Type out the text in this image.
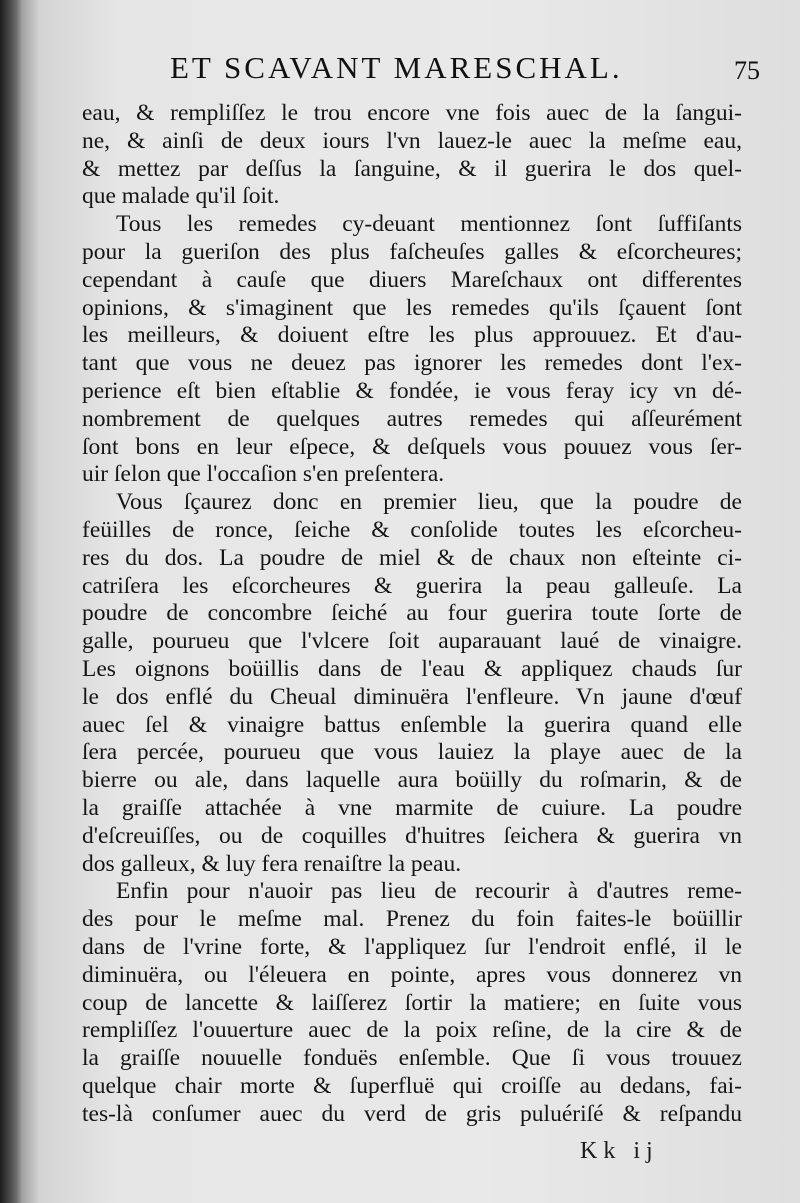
ET SCAVANT MARESCHAL.	75
eau, & rempliſſez le trou encore vne fois auec de la ſangui-
ne, & ainſi de deux iours l'vn lauez-le auec la meſme eau,
& mettez par deſſus la ſanguine, & il guerira le dos quel-
que malade qu'il ſoit.
Tous les remedes cy-deuant mentionnez ſont ſuffiſants
pour la gueriſon des plus faſcheuſes galles & eſcorcheures;
cependant à cauſe que diuers Mareſchaux ont differentes
opinions, & s'imaginent que les remedes qu'ils ſçauent ſont
les meilleurs, & doiuent eſtre les plus approuuez. Et d'au-
tant que vous ne deuez pas ignorer les remedes dont l'ex-
perience eſt bien eſtablie & fondée, ie vous feray icy vn dé-
nombrement de quelques autres remedes qui aſſeurément
ſont bons en leur eſpece, & deſquels vous pouuez vous ſer-
uir ſelon que l'occaſion s'en preſentera.
Vous ſçaurez donc en premier lieu, que la poudre de
feüilles de ronce, ſeiche & conſolide toutes les eſcorcheu-
res du dos. La poudre de miel & de chaux non eſteinte ci-
catriſera les eſcorcheures & guerira la peau galleuſe. La
poudre de concombre ſeiché au four guerira toute ſorte de
galle, pourueu que l'vlcere ſoit auparauant laué de vinaigre.
Les oignons boüillis dans de l'eau & appliquez chauds ſur
le dos enflé du Cheual diminuëra l'enfleure. Vn jaune d'œuf
auec ſel & vinaigre battus enſemble la guerira quand elle
ſera percée, pourueu que vous lauiez la playe auec de la
bierre ou ale, dans laquelle aura boüilly du roſmarin, & de
la graiſſe attachée à vne marmite de cuiure. La poudre
d'eſcreuiſſes, ou de coquilles d'huitres ſeichera & guerira vn
dos galleux, & luy fera renaiſtre la peau.
Enfin pour n'auoir pas lieu de recourir à d'autres reme-
des pour le meſme mal. Prenez du foin faites-le boüillir
dans de l'vrine forte, & l'appliquez ſur l'endroit enflé, il le
diminuëra, ou l'éleuera en pointe, apres vous donnerez vn
coup de lancette & laiſſerez ſortir la matiere; en ſuite vous
rempliſſez l'ouuerture auec de la poix reſine, de la cire & de
la graiſſe nouuelle fonduës enſemble. Que ſi vous trouuez
quelque chair morte & ſuperfluë qui croiſſe au dedans, fai-
tes-là conſumer auec du verd de gris puluériſé & reſpandu
Kk ij
